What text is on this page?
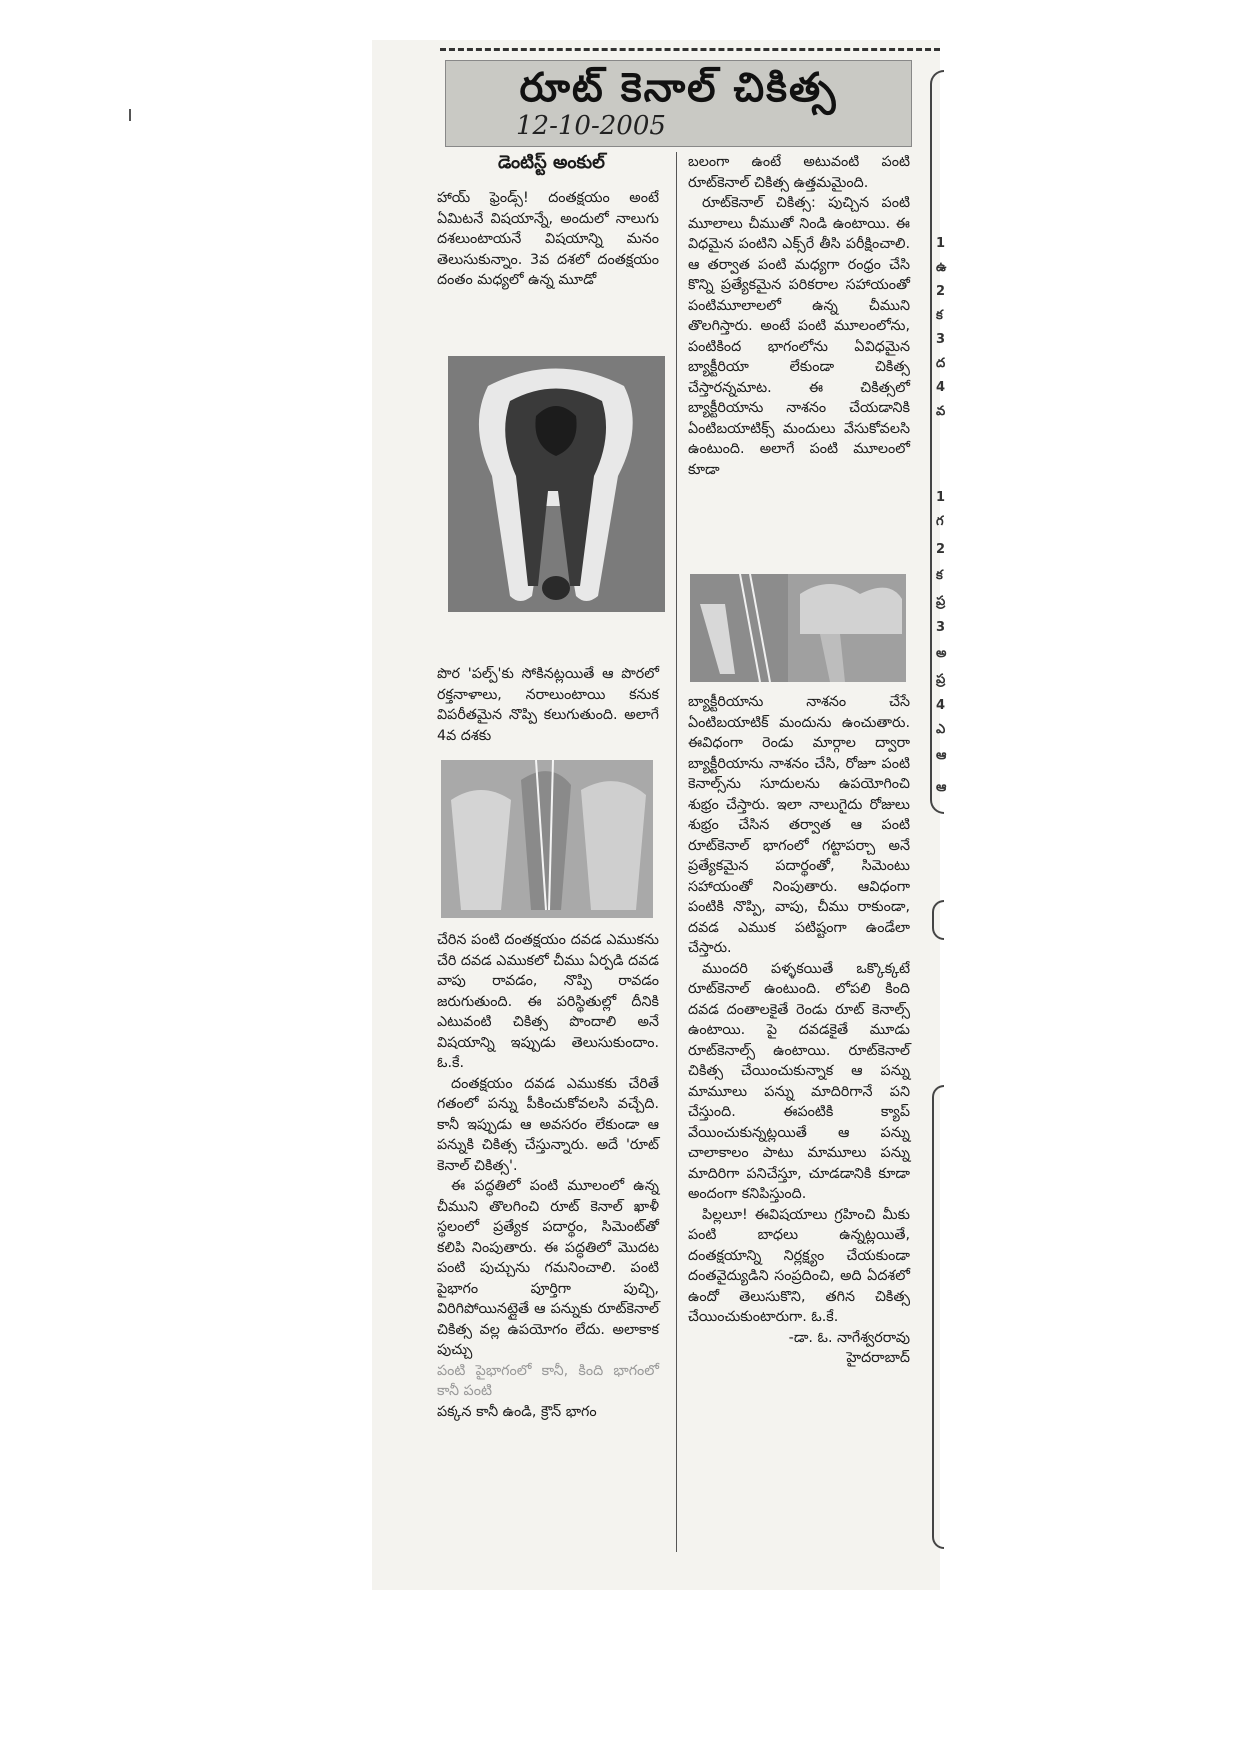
రూట్ కెనాల్ చికిత్స
12-10-2005
డెంటిస్ట్ అంకుల్

హాయ్ ఫ్రెండ్స్! దంతక్షయం అంటే ఏమిటనే విషయాన్నే, అందులో నాలుగు దశలుంటాయనే విషయాన్ని మనం తెలుసుకున్నాం. 3వ దశలో దంతక్షయం దంతం మధ్యలో ఉన్న మూడో

పొర 'పల్ప్'కు సోకినట్లయితే ఆ పొరలో రక్తనాళాలు, నరాలుంటాయి కనుక విపరీతమైన నొప్పి కలుగుతుంది. అలాగే 4వ దశకు

చేరిన పంటి దంతక్షయం దవడ ఎముకను చేరి దవడ ఎముకలో చీము ఏర్పడి దవడ వాపు రావడం, నొప్పి రావడం జరుగుతుంది. ఈ పరిస్థితుల్లో దీనికి ఎటువంటి చికిత్స పొందాలి అనే విషయాన్ని ఇప్పుడు తెలుసుకుందాం. ఓ.కే.

దంతక్షయం దవడ ఎముకకు చేరితే గతంలో పన్ను పీకించుకోవలసి వచ్చేది. కానీ ఇప్పుడు ఆ అవసరం లేకుండా ఆ పన్నుకి చికిత్స చేస్తున్నారు. అదే 'రూట్ కెనాల్ చికిత్స'.

ఈ పద్ధతిలో పంటి మూలంలో ఉన్న చీముని తొలగించి రూట్ కెనాల్ ఖాళీ స్థలంలో ప్రత్యేక పదార్థం, సిమెంట్‌తో కలిపి నింపుతారు. ఈ పద్ధతిలో మొదట పంటి పుచ్చును గమనించాలి. పంటి పైభాగం పూర్తిగా పుచ్చి, విరిగిపోయినట్లైతే ఆ పన్నుకు రూట్‌కెనాల్ చికిత్స వల్ల ఉపయోగం లేదు. అలాకాక పుచ్చు

పంటి పైభాగంలో కానీ, కింది భాగంలో కానీ పంటి

పక్కన కానీ ఉండి, క్రౌన్ భాగం

బలంగా ఉంటే అటువంటి పంటి రూట్‌కెనాల్ చికిత్స ఉత్తమమైంది.

రూట్‌కెనాల్ చికిత్స: పుచ్చిన పంటి మూలాలు చీముతో నిండి ఉంటాయి. ఈ విధమైన పంటిని ఎక్స్‌రే తీసి పరీక్షించాలి. ఆ తర్వాత పంటి మధ్యగా రంధ్రం చేసి కొన్ని ప్రత్యేకమైన పరికరాల సహాయంతో పంటిమూలాలలో ఉన్న చీముని తొలగిస్తారు. అంటే పంటి మూలంలోను, పంటికింద భాగంలోను ఏవిధమైన బ్యాక్టీరియా లేకుండా చికిత్స చేస్తారన్నమాట. ఈ చికిత్సలో బ్యాక్టీరియాను నాశనం చేయడానికి ఏంటిబయాటిక్స్ మందులు వేసుకోవలసి ఉంటుంది. అలాగే పంటి మూలంలో కూడా

బ్యాక్టీరియాను నాశనం చేసే ఏంటిబయాటిక్ మందును ఉంచుతారు. ఈవిధంగా రెండు మార్గాల ద్వారా బ్యాక్టీరియాను నాశనం చేసి, రోజూ పంటి కెనాల్స్‌ను సూదులను ఉపయోగించి శుభ్రం చేస్తారు. ఇలా నాలుగైదు రోజులు శుభ్రం చేసిన తర్వాత ఆ పంటి రూట్‌కెనాల్ భాగంలో గట్టాపర్చా అనే ప్రత్యేకమైన పదార్థంతో, సిమెంటు సహాయంతో నింపుతారు. ఆవిధంగా పంటికి నొప్పి, వాపు, చీము రాకుండా, దవడ ఎముక పటిష్టంగా ఉండేలా చేస్తారు.

ముందరి పళ్ళకయితే ఒక్కొక్కటే రూట్‌కెనాల్ ఉంటుంది. లోపలి కింది దవడ దంతాలకైతే రెండు రూట్ కెనాల్స్ ఉంటాయి. పై దవడకైతే మూడు రూట్‌కెనాల్స్ ఉంటాయి. రూట్‌కెనాల్ చికిత్స చేయించుకున్నాక ఆ పన్ను మామూలు పన్ను మాదిరిగానే పని చేస్తుంది. ఈపంటికి క్యాప్ వేయించుకున్నట్లయితే ఆ పన్ను చాలాకాలం పాటు మామూలు పన్ను మాదిరిగా పనిచేస్తూ, చూడడానికి కూడా అందంగా కనిపిస్తుంది.

పిల్లలూ! ఈవిషయాలు గ్రహించి మీకు పంటి బాధలు ఉన్నట్లయితే, దంతక్షయాన్ని నిర్లక్ష్యం చేయకుండా దంతవైద్యుడిని సంప్రదించి, అది ఏదశలో ఉందో తెలుసుకొని, తగిన చికిత్స చేయించుకుంటారుగా. ఓ.కే.

-డా. ఓ. నాగేశ్వరరావు

హైదరాబాద్

1
ఉ
2
క
3
ద
4
వ
1
గ
2
క
ప్ర
3
అ
ప్ర
4
ఎ
ఆ
ఆ
